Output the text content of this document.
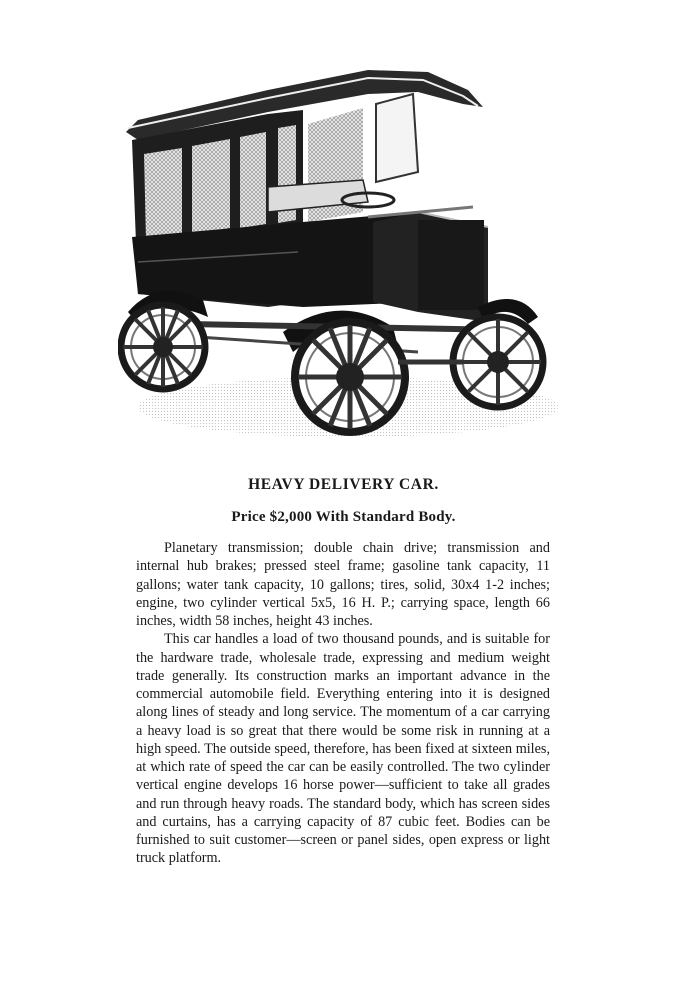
HEAVY DELIVERY CAR.
Price $2,000 With Standard Body.

Planetary transmission; double chain drive; transmission and internal hub brakes; pressed steel frame; gasoline tank capacity, 11 gallons; water tank capacity, 10 gallons; tires, solid, 30x4 1-2 inches; engine, two cylinder vertical 5x5, 16 H. P.; carrying space, length 66 inches, width 58 inches, height 43 inches.

This car handles a load of two thousand pounds, and is suitable for the hardware trade, wholesale trade, expressing and medium weight trade generally. Its construction marks an important advance in the commercial automobile field. Everything entering into it is designed along lines of steady and long service. The momentum of a car carrying a heavy load is so great that there would be some risk in running at a high speed. The outside speed, therefore, has been fixed at sixteen miles, at which rate of speed the car can be easily controlled. The two cylinder vertical engine develops 16 horse power—sufficient to take all grades and run through heavy roads. The standard body, which has screen sides and curtains, has a carrying capacity of 87 cubic feet. Bodies can be furnished to suit customer—screen or panel sides, open express or light truck platform.
